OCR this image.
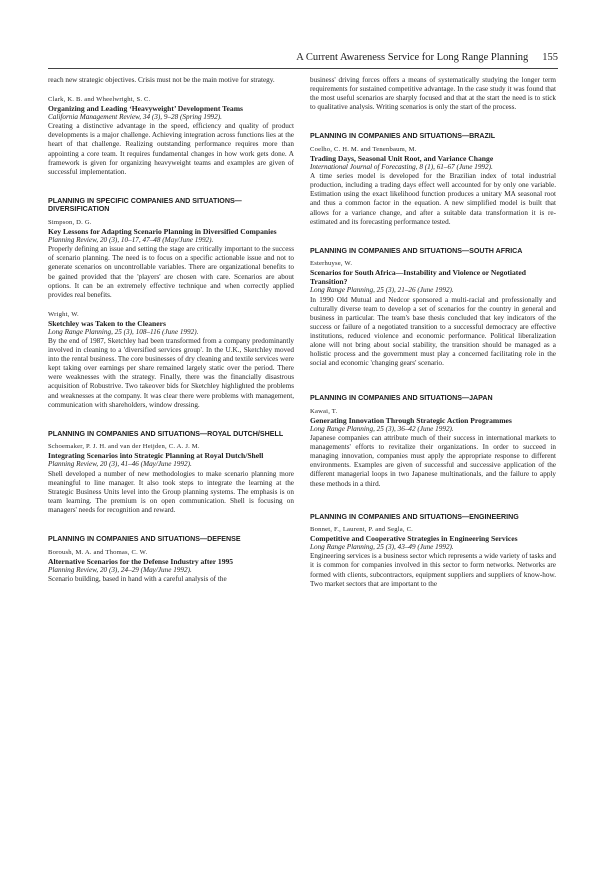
A Current Awareness Service for Long Range Planning 155

reach new strategic objectives. Crisis must not be the main motive for strategy.

Clark, K. B. and Wheelwright, S. C.
Organizing and Leading ‘Heavyweight’ Development Teams
California Management Review, 34 (3), 9–28 (Spring 1992).

Creating a distinctive advantage in the speed, efficiency and quality of product developments is a major challenge. Achieving integration across functions lies at the heart of that challenge. Realizing outstanding performance requires more than appointing a core team. It requires fundamental changes in how work gets done. A framework is given for organizing heavyweight teams and examples are given of successful implementation.

PLANNING IN SPECIFIC COMPANIES AND SITUATIONS—DIVERSIFICATION
Simpson, D. G.
Key Lessons for Adapting Scenario Planning in Diversified Companies
Planning Review, 20 (3), 10–17, 47–48 (May/June 1992).

Properly defining an issue and setting the stage are critically important to the success of scenario planning. The need is to focus on a specific actionable issue and not to generate scenarios on uncontrollable variables. There are organizational benefits to be gained provided that the 'players' are chosen with care. Scenarios are about options. It can be an extremely effective technique and when correctly applied provides real benefits.

Wright, W.
Sketchley was Taken to the Cleaners
Long Range Planning, 25 (3), 108–116 (June 1992).

By the end of 1987, Sketchley had been transformed from a company predominantly involved in cleaning to a 'diversified services group'. In the U.K., Sketchley moved into the rental business. The core businesses of dry cleaning and textile services were kept taking over earnings per share remained largely static over the period. There were weaknesses with the strategy. Finally, there was the financially disastrous acquisition of Robustrive. Two takeover bids for Sketchley highlighted the problems and weaknesses at the company. It was clear there were problems with management, communication with shareholders, window dressing.

PLANNING IN COMPANIES AND SITUATIONS—ROYAL DUTCH/SHELL
Schoemaker, P. J. H. and van der Heijden, C. A. J. M.
Integrating Scenarios into Strategic Planning at Royal Dutch/Shell
Planning Review, 20 (3), 41–46 (May/June 1992).

Shell developed a number of new methodologies to make scenario planning more meaningful to line manager. It also took steps to integrate the learning at the Strategic Business Units level into the Group planning systems. The emphasis is on team learning. The premium is on open communication. Shell is focusing on managers' needs for recognition and reward.

PLANNING IN COMPANIES AND SITUATIONS—DEFENSE
Boroush, M. A. and Thomas, C. W.
Alternative Scenarios for the Defense Industry after 1995
Planning Review, 20 (3), 24–29 (May/June 1992).

Scenario building, based in hand with a careful analysis of the

business' driving forces offers a means of systematically studying the longer term requirements for sustained competitive advantage. In the case study it was found that the most useful scenarios are sharply focused and that at the start the need is to stick to qualitative analysis. Writing scenarios is only the start of the process.

PLANNING IN COMPANIES AND SITUATIONS—BRAZIL
Coelho, C. H. M. and Tenenbaum, M.
Trading Days, Seasonal Unit Root, and Variance Change
International Journal of Forecasting, 8 (1), 61–67 (June 1992).

A time series model is developed for the Brazilian index of total industrial production, including a trading days effect well accounted for by only one variable. Estimation using the exact likelihood function produces a unitary MA seasonal root and thus a common factor in the equation. A new simplified model is built that allows for a variance change, and after a suitable data transformation it is re-estimated and its forecasting performance tested.

PLANNING IN COMPANIES AND SITUATIONS—SOUTH AFRICA
Esterhuyse, W.
Scenarios for South Africa—Instability and Violence or Negotiated Transition?
Long Range Planning, 25 (3), 21–26 (June 1992).

In 1990 Old Mutual and Nedcor sponsored a multi-racial and professionally and culturally diverse team to develop a set of scenarios for the country in general and business in particular. The team's base thesis concluded that key indicators of the success or failure of a negotiated transition to a successful democracy are effective institutions, reduced violence and economic performance. Political liberalization alone will not bring about social stability, the transition should be managed as a holistic process and the government must play a concerned facilitating role in the social and economic 'changing gears' scenario.

PLANNING IN COMPANIES AND SITUATIONS—JAPAN
Kawai, T.
Generating Innovation Through Strategic Action Programmes
Long Range Planning, 25 (3), 36–42 (June 1992).

Japanese companies can attribute much of their success in international markets to managements' efforts to revitalize their organizations. In order to succeed in managing innovation, companies must apply the appropriate response to different environments. Examples are given of successful and successive application of the different managerial loops in two Japanese multinationals, and the failure to apply these methods in a third.

PLANNING IN COMPANIES AND SITUATIONS—ENGINEERING
Bonnet, F., Laurent, P. and Segla, C.
Competitive and Cooperative Strategies in Engineering Services
Long Range Planning, 25 (3), 43–49 (June 1992).

Engineering services is a business sector which represents a wide variety of tasks and it is common for companies involved in this sector to form networks. Networks are formed with clients, subcontractors, equipment suppliers and suppliers of know-how. Two market sectors that are important to the
